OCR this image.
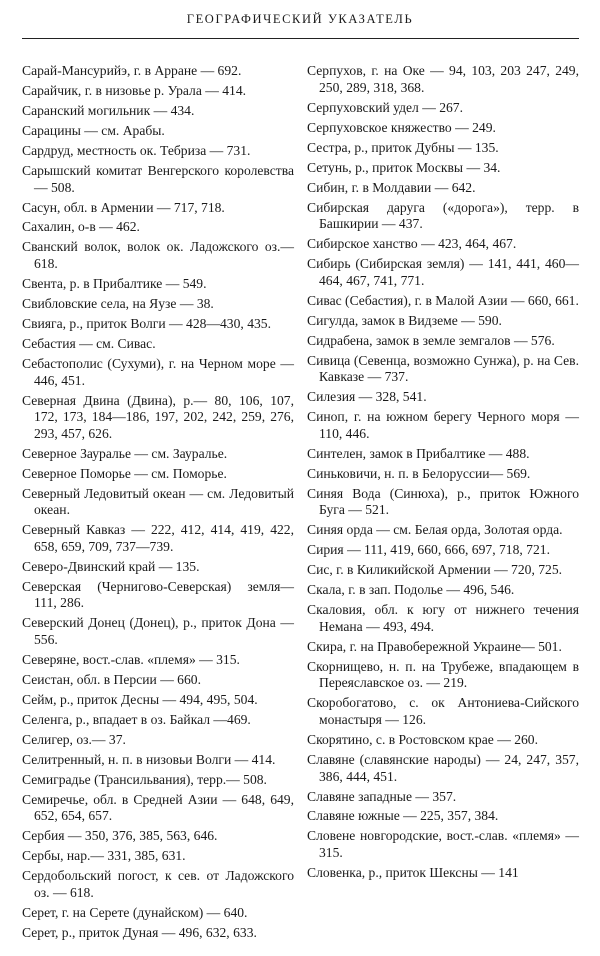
ГЕОГРАФИЧЕСКИЙ УКАЗАТЕЛЬ
Сарай-Мансурийэ, г. в Арране — 692.
Сарайчик, г. в низовье р. Урала — 414.
Саранский могильник — 434.
Сарацины — см. Арабы.
Сардруд, местность ок. Тебриза — 731.
Сарышский комитат Венгерского королевства — 508.
Сасун, обл. в Армении — 717, 718.
Сахалин, о-в — 462.
Сванский волок, волок ок. Ладожского оз.— 618.
Свента, р. в Прибалтике — 549.
Свибловские села, на Яузе — 38.
Свияга, р., приток Волги — 428—430, 435.
Себастия — см. Сивас.
Себастополис (Сухуми), г. на Черном море — 446, 451.
Северная Двина (Двина), р.— 80, 106, 107, 172, 173, 184—186, 197, 202, 242, 259, 276, 293, 457, 626.
Северное Зауралье — см. Зауралье.
Северное Поморье — см. Поморье.
Северный Ледовитый океан — см. Ледовитый океан.
Северный Кавказ — 222, 412, 414, 419, 422, 658, 659, 709, 737—739.
Северо-Двинский край — 135.
Северская (Чернигово-Северская) земля— 111, 286.
Северский Донец (Донец), р., приток Дона — 556.
Северяне, вост.-слав. «племя» — 315.
Сеистан, обл. в Персии — 660.
Сейм, р., приток Десны — 494, 495, 504.
Селенга, р., впадает в оз. Байкал —469.
Селигер, оз.— 37.
Селитренный, н. п. в низовьи Волги — 414.
Семиградье (Трансильвания), терр.— 508.
Семиречье, обл. в Средней Азии — 648, 649, 652, 654, 657.
Сербия — 350, 376, 385, 563, 646.
Сербы, нар.— 331, 385, 631.
Сердобольский погост, к сев. от Ладожского оз. — 618.
Серет, г. на Серете (дунайском) — 640.
Серет, р., приток Дуная — 496, 632, 633.
Серпухов, г. на Оке — 94, 103, 203 247, 249, 250, 289, 318, 368.
Серпуховский удел — 267.
Серпуховское княжество — 249.
Сестра, р., приток Дубны — 135.
Сетунь, р., приток Москвы — 34.
Сибин, г. в Молдавии — 642.
Сибирская даруга («дорога»), терр. в Башкирии — 437.
Сибирское ханство — 423, 464, 467.
Сибирь (Сибирская земля) — 141, 441, 460—464, 467, 741, 771.
Сивас (Себастия), г. в Малой Азии — 660, 661.
Сигулда, замок в Видземе — 590.
Сидрабена, замок в земле земгалов — 576.
Сивица (Севенца, возможно Сунжа), р. на Сев. Кавказе — 737.
Силезия — 328, 541.
Синоп, г. на южном берегу Черного моря — 110, 446.
Синтелен, замок в Прибалтике — 488.
Синьковичи, н. п. в Белоруссии— 569.
Синяя Вода (Синюха), р., приток Южного Буга — 521.
Синяя орда — см. Белая орда, Золотая орда.
Сирия — 111, 419, 660, 666, 697, 718, 721.
Сис, г. в Киликийской Армении — 720, 725.
Скала, г. в зап. Подолье — 496, 546.
Скаловия, обл. к югу от нижнего течения Немана — 493, 494.
Скира, г. на Правобережной Украине— 501.
Скорнищево, н. п. на Трубеже, впадающем в Переяславское оз. — 219.
Скоробогатово, с. ок Антониева-Сийского монастыря — 126.
Скорятино, с. в Ростовском крае — 260.
Славяне (славянские народы) — 24, 247, 357, 386, 444, 451.
Славяне западные — 357.
Славяне южные — 225, 357, 384.
Словене новгородские, вост.-слав. «племя» — 315.
Словенка, р., приток Шексны — 141
